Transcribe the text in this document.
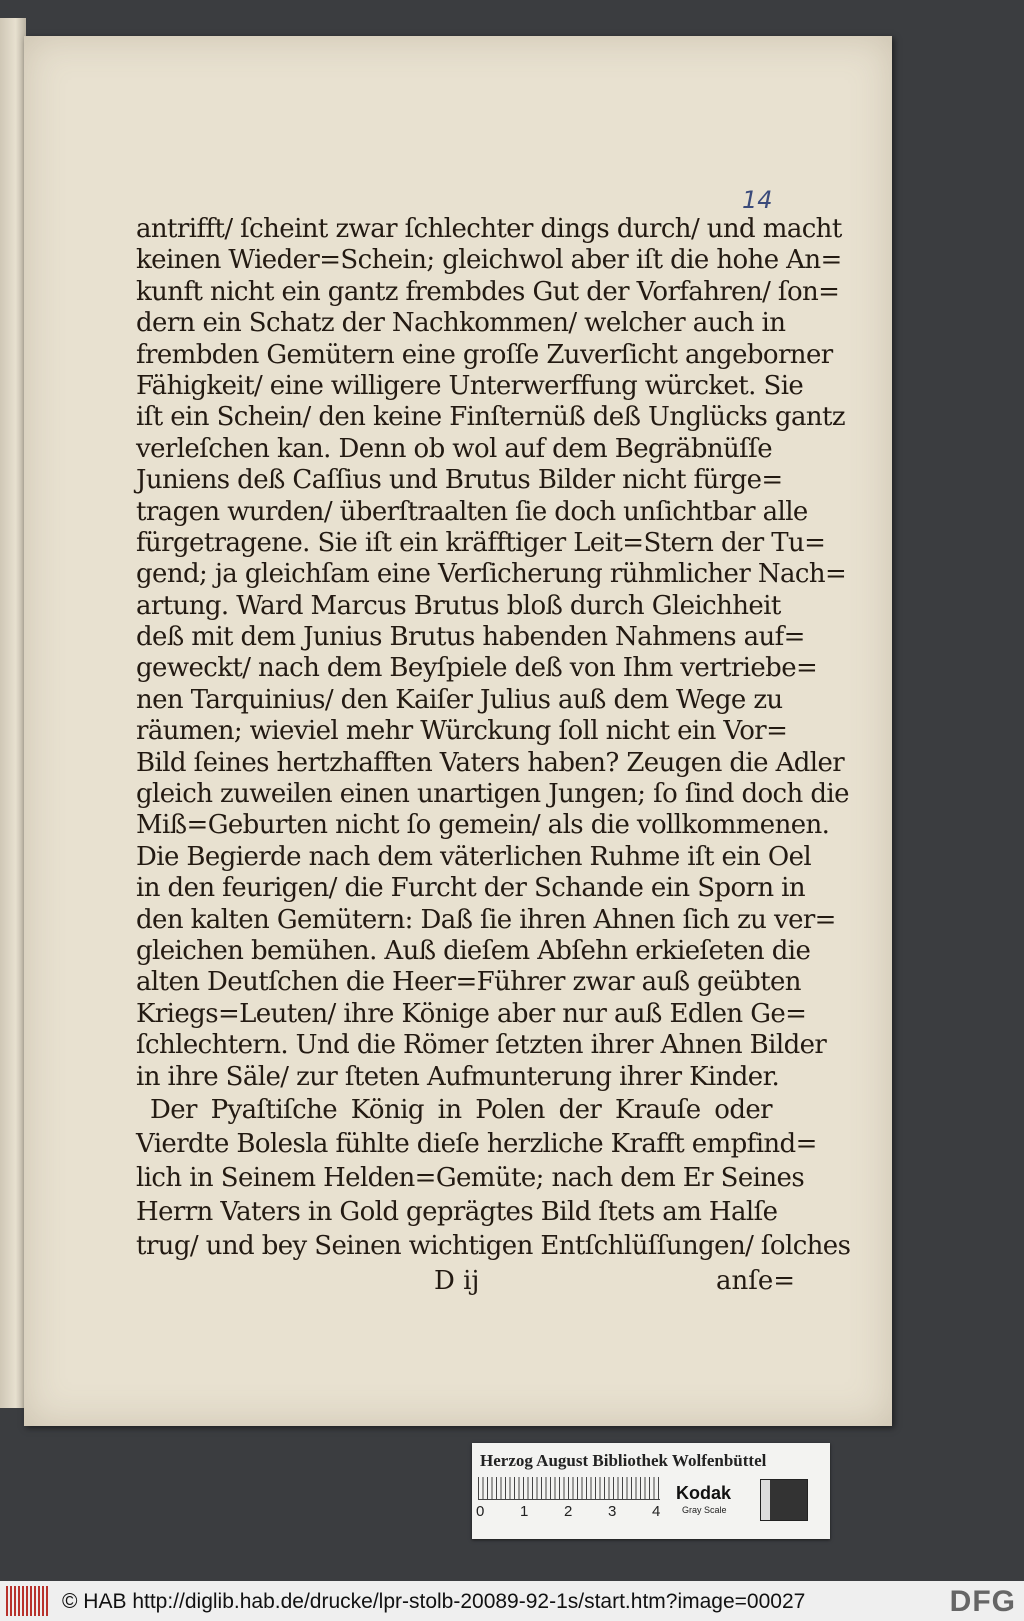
14

antrifft/ ſcheint zwar ſchlechter dings durch/ und macht
keinen Wieder=Schein; gleichwol aber iſt die hohe An=
kunft nicht ein gantz frembdes Gut der Vorfahren/ ſon=
dern ein Schatz der Nachkommen/ welcher auch in
frembden Gemütern eine groſſe Zuverſicht angeborner
Fähigkeit/ eine willigere Unterwerffung würcket. Sie
iſt ein Schein/ den keine Finſternüß deß Unglücks gantz
verleſchen kan. Denn ob wol auf dem Begräbnüſſe
Juniens deß Caſſius und Brutus Bilder nicht fürge=
tragen wurden/ überſtraalten ſie doch unſichtbar alle
fürgetragene. Sie iſt ein kräfftiger Leit=Stern der Tu=
gend; ja gleichſam eine Verſicherung rühmlicher Nach=
artung. Ward Marcus Brutus bloß durch Gleichheit
deß mit dem Junius Brutus habenden Nahmens auf=
geweckt/ nach dem Beyſpiele deß von Ihm vertriebe=
nen Tarquinius/ den Kaiſer Julius auß dem Wege zu
räumen; wieviel mehr Würckung ſoll nicht ein Vor=
Bild ſeines hertzhafften Vaters haben? Zeugen die Adler
gleich zuweilen einen unartigen Jungen; ſo ſind doch die
Miß=Geburten nicht ſo gemein/ als die vollkommenen.
Die Begierde nach dem väterlichen Ruhme iſt ein Oel
in den feurigen/ die Furcht der Schande ein Sporn in
den kalten Gemütern: Daß ſie ihren Ahnen ſich zu ver=
gleichen bemühen. Auß dieſem Abſehn erkieſeten die
alten Deutſchen die Heer=Führer zwar auß geübten
Kriegs=Leuten/ ihre Könige aber nur auß Edlen Ge=
ſchlechtern. Und die Römer ſetzten ihrer Ahnen Bilder
in ihre Säle/ zur ſteten Aufmunterung ihrer Kinder.
Der Pyaſtiſche König in Polen der Krauſe oder
Vierdte Bolesla fühlte dieſe herzliche Krafft empfind=
lich in Seinem Helden=Gemüte; nach dem Er Seines
Herrn Vaters in Gold geprägtes Bild ſtets am Halſe
trug/ und bey Seinen wichtigen Entſchlüſſungen/ ſolches

D ij	anſe=

Herzog August Bibliothek Wolfenbüttel

0 1 2 3 4

Kodak

Gray Scale

© HAB http://diglib.hab.de/drucke/lpr-stolb-20089-92-1s/start.htm?image=00027	DFG
